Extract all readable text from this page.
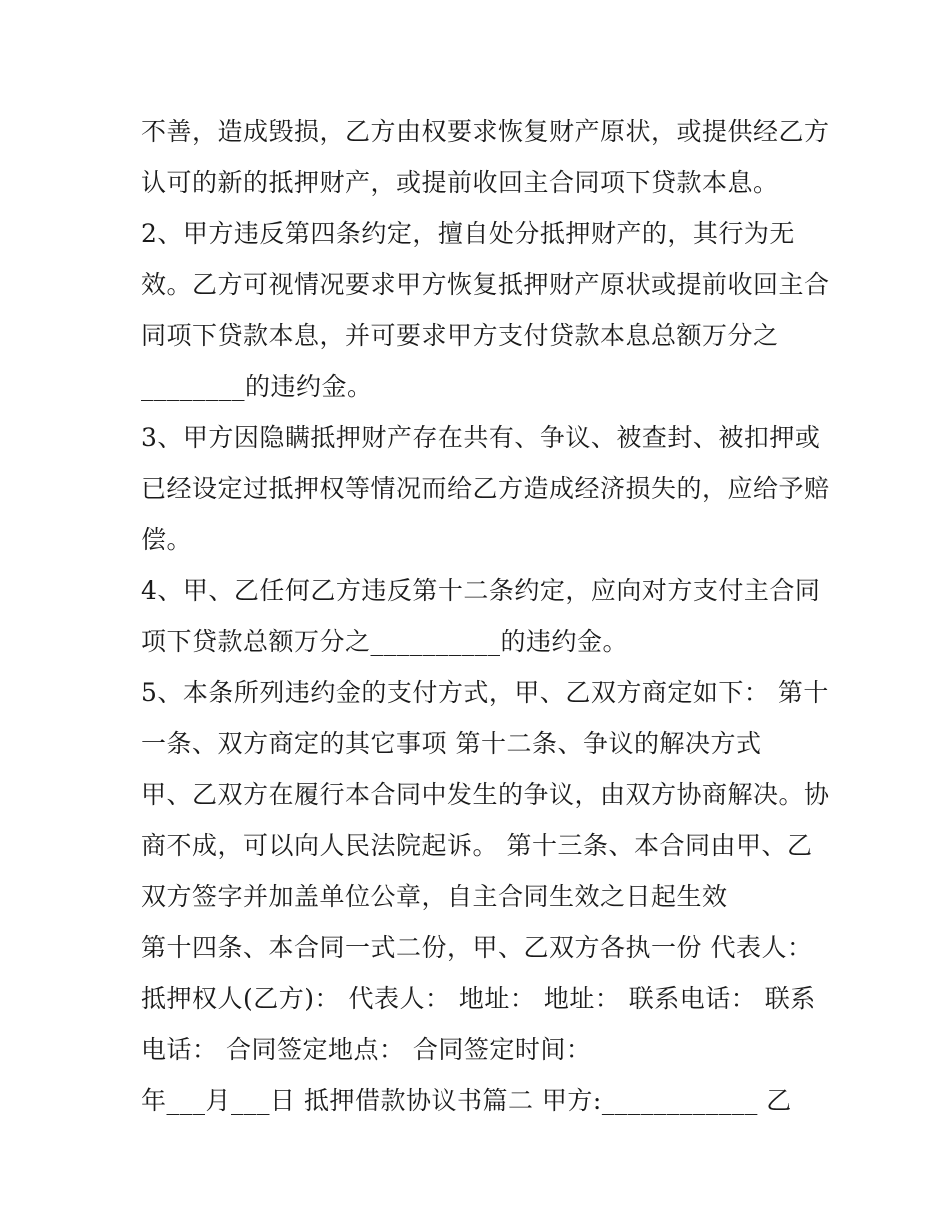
不善，造成毁损，乙方由权要求恢复财产原状，或提供经乙方
认可的新的抵押财产，或提前收回主合同项下贷款本息。
2、甲方违反第四条约定，擅自处分抵押财产的，其行为无
效。乙方可视情况要求甲方恢复抵押财产原状或提前收回主合
同项下贷款本息，并可要求甲方支付贷款本息总额万分之
________的违约金。
3、甲方因隐瞒抵押财产存在共有、争议、被查封、被扣押或
已经设定过抵押权等情况而给乙方造成经济损失的，应给予赔
偿。
4、甲、乙任何乙方违反第十二条约定，应向对方支付主合同
项下贷款总额万分之__________的违约金。
5、本条所列违约金的支付方式，甲、乙双方商定如下： 第十
一条、双方商定的其它事项 第十二条、争议的解决方式
甲、乙双方在履行本合同中发生的争议，由双方协商解决。协
商不成，可以向人民法院起诉。 第十三条、本合同由甲、乙
双方签字并加盖单位公章，自主合同生效之日起生效
第十四条、本合同一式二份，甲、乙双方各执一份 代表人：
抵押权人(乙方)： 代表人： 地址： 地址： 联系电话： 联系
电话： 合同签定地点： 合同签定时间：
年___月___日 抵押借款协议书篇二 甲方:____________ 乙
